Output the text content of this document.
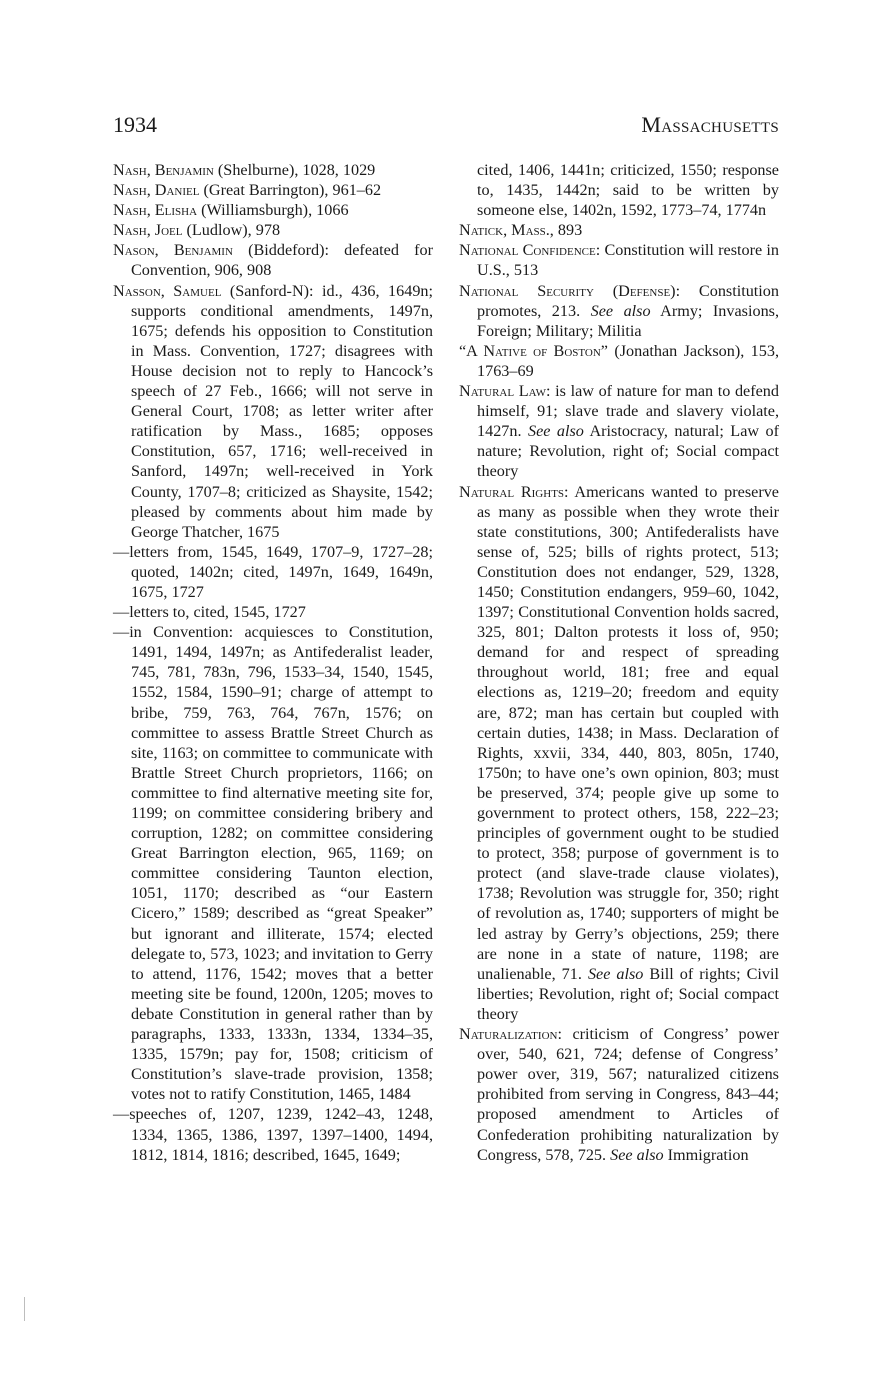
1934	Massachusetts

Nash, Benjamin (Shelburne), 1028, 1029

Nash, Daniel (Great Barrington), 961–62

Nash, Elisha (Williamsburgh), 1066

Nash, Joel (Ludlow), 978

Nason, Benjamin (Biddeford): defeated for Convention, 906, 908

Nasson, Samuel (Sanford-N): id., 436, 1649n; supports conditional amendments, 1497n, 1675; defends his opposition to Constitution in Mass. Convention, 1727; disagrees with House decision not to reply to Hancock’s speech of 27 Feb., 1666; will not serve in General Court, 1708; as letter writer after ratification by Mass., 1685; opposes Constitution, 657, 1716; well-received in Sanford, 1497n; well-received in York County, 1707–8; criticized as Shaysite, 1542; pleased by comments about him made by George Thatcher, 1675

—letters from, 1545, 1649, 1707–9, 1727–28; quoted, 1402n; cited, 1497n, 1649, 1649n, 1675, 1727

—letters to, cited, 1545, 1727

—in Convention: acquiesces to Constitution, 1491, 1494, 1497n; as Antifederalist leader, 745, 781, 783n, 796, 1533–34, 1540, 1545, 1552, 1584, 1590–91; charge of attempt to bribe, 759, 763, 764, 767n, 1576; on committee to assess Brattle Street Church as site, 1163; on committee to communicate with Brattle Street Church proprietors, 1166; on committee to find alternative meeting site for, 1199; on committee considering bribery and corruption, 1282; on committee considering Great Barrington election, 965, 1169; on committee considering Taunton election, 1051, 1170; described as “our Eastern Cicero,” 1589; described as “great Speaker” but ignorant and illiterate, 1574; elected delegate to, 573, 1023; and invitation to Gerry to attend, 1176, 1542; moves that a better meeting site be found, 1200n, 1205; moves to debate Constitution in general rather than by paragraphs, 1333, 1333n, 1334, 1334–35, 1335, 1579n; pay for, 1508; criticism of Constitution’s slave-trade provision, 1358; votes not to ratify Constitution, 1465, 1484

—speeches of, 1207, 1239, 1242–43, 1248, 1334, 1365, 1386, 1397, 1397–1400, 1494, 1812, 1814, 1816; described, 1645, 1649;

cited, 1406, 1441n; criticized, 1550; response to, 1435, 1442n; said to be written by someone else, 1402n, 1592, 1773–74, 1774n

Natick, Mass., 893

National Confidence: Constitution will restore in U.S., 513

National Security (Defense): Constitution promotes, 213. See also Army; Invasions, Foreign; Military; Militia

“A Native of Boston” (Jonathan Jackson), 153, 1763–69

Natural Law: is law of nature for man to defend himself, 91; slave trade and slavery violate, 1427n. See also Aristocracy, natural; Law of nature; Revolution, right of; Social compact theory

Natural Rights: Americans wanted to preserve as many as possible when they wrote their state constitutions, 300; Antifederalists have sense of, 525; bills of rights protect, 513; Constitution does not endanger, 529, 1328, 1450; Constitution endangers, 959–60, 1042, 1397; Constitutional Convention holds sacred, 325, 801; Dalton protests it loss of, 950; demand for and respect of spreading throughout world, 181; free and equal elections as, 1219–20; freedom and equity are, 872; man has certain but coupled with certain duties, 1438; in Mass. Declaration of Rights, xxvii, 334, 440, 803, 805n, 1740, 1750n; to have one’s own opinion, 803; must be preserved, 374; people give up some to government to protect others, 158, 222–23; principles of government ought to be studied to protect, 358; purpose of government is to protect (and slave-trade clause violates), 1738; Revolution was struggle for, 350; right of revolution as, 1740; supporters of might be led astray by Gerry’s objections, 259; there are none in a state of nature, 1198; are unalienable, 71. See also Bill of rights; Civil liberties; Revolution, right of; Social compact theory

Naturalization: criticism of Congress’ power over, 540, 621, 724; defense of Congress’ power over, 319, 567; naturalized citizens prohibited from serving in Congress, 843–44; proposed amendment to Articles of Confederation prohibiting naturalization by Congress, 578, 725. See also Immigration
